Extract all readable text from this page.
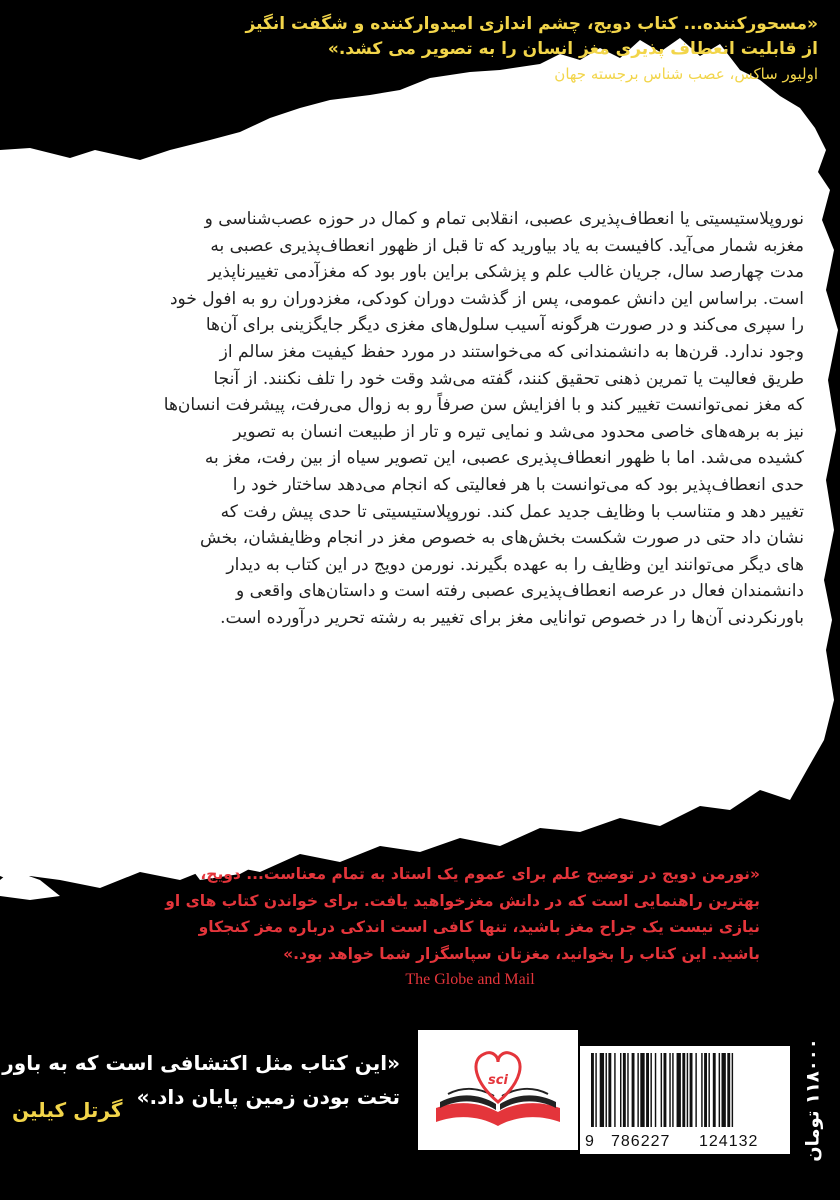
«مسحورکننده... کتاب دویج، چشم اندازی امیدوارکننده و شگفت انگیز
از قابلیت انعطاف پذیری مغز انسان را به تصویر می کشد.»
اولیور ساکس، عصب شناس برجسته جهان
نوروپلاستیسیتی یا انعطاف‌پذیری عصبی، انقلابی تمام و کمال در حوزه عصب‌شناسی و
مغزبه شمار می‌آید. کافیست به یاد بیاورید که تا قبل از ظهور انعطاف‌پذیری عصبی به
مدت چهارصد سال، جریان غالب علم و پزشکی براین باور بود که مغزآدمی تغییرناپذیر
است. براساس این دانش عمومی، پس از گذشت دوران کودکی، مغزدوران رو به افول خود
را سپری می‌کند و در صورت هرگونه آسیب سلول‌های مغزی دیگر جایگزینی برای آن‌ها
وجود ندارد. قرن‌ها به دانشمندانی که می‌خواستند در مورد حفظ کیفیت مغز سالم از
طریق فعالیت یا تمرین ذهنی تحقیق کنند، گفته می‌شد وقت خود را تلف نکنند. از آنجا
که مغز نمی‌توانست تغییر کند و با افزایش سن صرفاً رو به زوال می‌رفت، پیشرفت انسان‌ها
نیز به برهه‌های خاصی محدود می‌شد و نمایی تیره و تار از طبیعت انسان به تصویر
کشیده می‌شد. اما با ظهور انعطاف‌پذیری عصبی، این تصویر سیاه از بین رفت، مغز به
حدی انعطاف‌پذیر بود که می‌توانست با هر فعالیتی که انجام می‌دهد ساختار خود را
تغییر دهد و متناسب با وظایف جدید عمل کند. نوروپلاستیسیتی تا حدی پیش رفت که
نشان داد حتی در صورت شکست بخش‌های به خصوص مغز در انجام وظایفشان، بخش
های دیگر می‌توانند این وظایف را به عهده بگیرند. نورمن دویج در این کتاب به دیدار
دانشمندان فعال در عرصه انعطاف‌پذیری عصبی رفته است و داستان‌های واقعی و
باورنکردنی آن‌ها را در خصوص توانایی مغز برای تغییر به رشته تحریر درآورده است.
«نورمن دویج در توضیح علم برای عموم یک استاد به تمام معناست... دویج،
بهترین راهنمایی است که در دانش مغزخواهید یافت. برای خواندن کتاب های او
نیازی نیست یک جراح مغز باشید، تنها کافی است اندکی درباره مغز کنجکاو
باشید. این کتاب را بخوانید، مغزتان سپاسگزار شما خواهد بود.»
The Globe and Mail
«این کتاب مثل اکتشافی است که به باور
تخت بودن زمین پایان داد.»
گرتل کیلین
sci
9 786227 124132 ۱۱۸۰۰۰ تومان
